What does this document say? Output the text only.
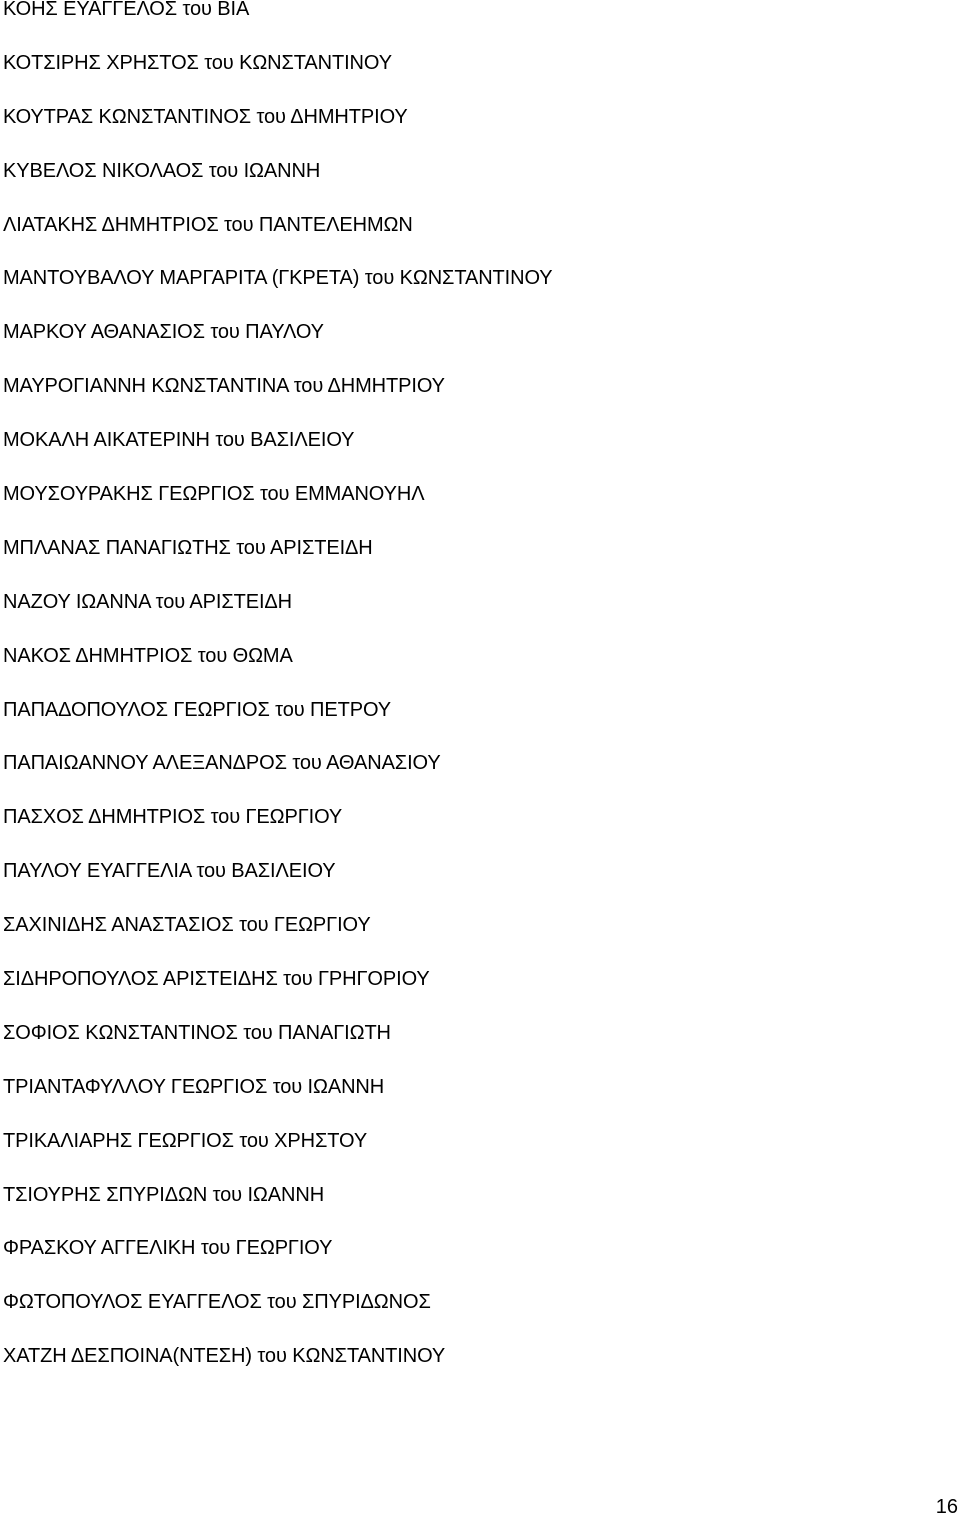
ΚΟΗΣ ΕΥΑΓΓΕΛΟΣ του ΒΙΑ
ΚΟΤΣΙΡΗΣ ΧΡΗΣΤΟΣ του ΚΩΝΣΤΑΝΤΙΝΟΥ
ΚΟΥΤΡΑΣ ΚΩΝΣΤΑΝΤΙΝΟΣ του ΔΗΜΗΤΡΙΟΥ
ΚΥΒΕΛΟΣ ΝΙΚΟΛΑΟΣ του ΙΩΑΝΝΗ
ΛΙΑΤΑΚΗΣ ΔΗΜΗΤΡΙΟΣ του ΠΑΝΤΕΛΕΗΜΩΝ
ΜΑΝΤΟΥΒΑΛΟΥ ΜΑΡΓΑΡΙΤΑ (ΓΚΡΕΤΑ) του ΚΩΝΣΤΑΝΤΙΝΟΥ
ΜΑΡΚΟΥ ΑΘΑΝΑΣΙΟΣ του ΠΑΥΛΟΥ
ΜΑΥΡΟΓΙΑΝΝΗ ΚΩΝΣΤΑΝΤΙΝΑ του ΔΗΜΗΤΡΙΟΥ
ΜΟΚΑΛΗ ΑΙΚΑΤΕΡΙΝΗ του ΒΑΣΙΛΕΙΟΥ
ΜΟΥΣΟΥΡΑΚΗΣ ΓΕΩΡΓΙΟΣ του ΕΜΜΑΝΟΥΗΛ
ΜΠΛΑΝΑΣ ΠΑΝΑΓΙΩΤΗΣ του ΑΡΙΣΤΕΙΔΗ
ΝΑΖΟΥ ΙΩΑΝΝΑ του ΑΡΙΣΤΕΙΔΗ
ΝΑΚΟΣ ΔΗΜΗΤΡΙΟΣ του ΘΩΜΑ
ΠΑΠΑΔΟΠΟΥΛΟΣ ΓΕΩΡΓΙΟΣ του ΠΕΤΡΟΥ
ΠΑΠΑΙΩΑΝΝΟΥ ΑΛΕΞΑΝΔΡΟΣ του ΑΘΑΝΑΣΙΟΥ
ΠΑΣΧΟΣ ΔΗΜΗΤΡΙΟΣ του ΓΕΩΡΓΙΟΥ
ΠΑΥΛΟΥ ΕΥΑΓΓΕΛΙΑ του ΒΑΣΙΛΕΙΟΥ
ΣΑΧΙΝΙΔΗΣ ΑΝΑΣΤΑΣΙΟΣ του ΓΕΩΡΓΙΟΥ
ΣΙΔΗΡΟΠΟΥΛΟΣ ΑΡΙΣΤΕΙΔΗΣ του ΓΡΗΓΟΡΙΟΥ
ΣΟΦΙΟΣ ΚΩΝΣΤΑΝΤΙΝΟΣ του ΠΑΝΑΓΙΩΤΗ
ΤΡΙΑΝΤΑΦΥΛΛΟΥ ΓΕΩΡΓΙΟΣ του ΙΩΑΝΝΗ
ΤΡΙΚΑΛΙΑΡΗΣ ΓΕΩΡΓΙΟΣ του ΧΡΗΣΤΟΥ
ΤΣΙΟΥΡΗΣ ΣΠΥΡΙΔΩΝ του ΙΩΑΝΝΗ
ΦΡΑΣΚΟΥ ΑΓΓΕΛΙΚΗ του ΓΕΩΡΓΙΟΥ
ΦΩΤΟΠΟΥΛΟΣ ΕΥΑΓΓΕΛΟΣ του ΣΠΥΡΙΔΩΝΟΣ
ΧΑΤΖΗ ΔΕΣΠΟΙΝΑ(ΝΤΕΣΗ) του ΚΩΝΣΤΑΝΤΙΝΟΥ
16
